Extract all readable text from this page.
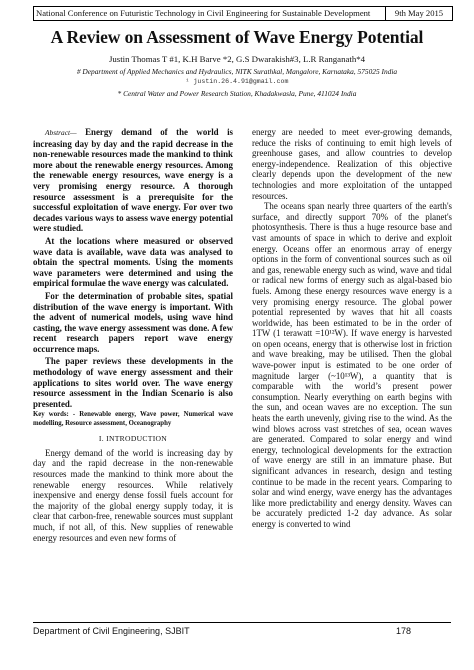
National Conference on Futuristic Technology in Civil Engineering for Sustainable Development	9th May 2015
A Review on Assessment of Wave Energy Potential
Justin Thomas T #1, K.H Barve *2, G.S Dwarakish#3, L.R Ranganath*4
# Department of Applied Mechanics and Hydraulics, NITK Surathkal, Mangalore, Karnataka, 575025 India
¹ justin.26.4.91@gmail.com
* Central Water and Power Research Station, Khadakwasla, Pune, 411024 India

Abstract— Energy demand of the world is increasing day by day and the rapid decrease in the non-renewable resources made the mankind to think more about the renewable energy resources. Among the renewable energy resources, wave energy is a very promising energy resource. A thorough resource assessment is a prerequisite for the successful exploitation of wave energy. For over two decades various ways to assess wave energy potential were studied.

At the locations where measured or observed wave data is available, wave data was analysed to obtain the spectral moments. Using the moments wave parameters were determined and using the empirical formulae the wave energy was calculated.

For the determination of probable sites, spatial distribution of the wave energy is important. With the advent of numerical models, using wave hind casting, the wave energy assessment was done. A few recent research papers report wave energy occurrence maps.

The paper reviews these developments in the methodology of wave energy assessment and their applications to sites world over. The wave energy resource assessment in the Indian Scenario is also presented.

Key words: - Renewable energy, Wave power, Numerical wave modelling, Resource assessment, Oceanography
I. INTRODUCTION

Energy demand of the world is increasing day by day and the rapid decrease in the non-renewable resources made the mankind to think more about the renewable energy resources. While relatively inexpensive and energy dense fossil fuels account for the majority of the global energy supply today, it is clear that carbon-free, renewable sources must supplant much, if not all, of this. New supplies of renewable energy resources and even new forms of

energy are needed to meet ever-growing demands, reduce the risks of continuing to emit high levels of greenhouse gases, and allow countries to develop energy-independence. Realization of this objective clearly depends upon the development of the new technologies and more exploitation of the untapped resources.

The oceans span nearly three quarters of the earth's surface, and directly support 70% of the planet's photosynthesis. There is thus a huge resource base and vast amounts of space in which to derive and exploit energy. Oceans offer an enormous array of energy options in the form of conventional sources such as oil and gas, renewable energy such as wind, wave and tidal or radical new forms of energy such as algal-based bio fuels. Among these energy resources wave energy is a very promising energy resource. The global power potential represented by waves that hit all coasts worldwide, has been estimated to be in the order of 1TW (1 terawatt =10¹²W). If wave energy is harvested on open oceans, energy that is otherwise lost in friction and wave breaking, may be utilised. Then the global wave-power input is estimated to be one order of magnitude larger (~10¹³W), a quantity that is comparable with the world’s present power consumption. Nearly everything on earth begins with the sun, and ocean waves are no exception. The sun heats the earth unevenly, giving rise to the wind. As the wind blows across vast stretches of sea, ocean waves are generated. Compared to solar energy and wind energy, technological developments for the extraction of wave energy are still in an immature phase. But significant advances in research, design and testing continue to be made in the recent years. Comparing to solar and wind energy, wave energy has the advantages like more predictability and energy density. Waves can be accurately predicted 1-2 day advance. As solar energy is converted to wind

Department of Civil Engineering, SJBIT	178
